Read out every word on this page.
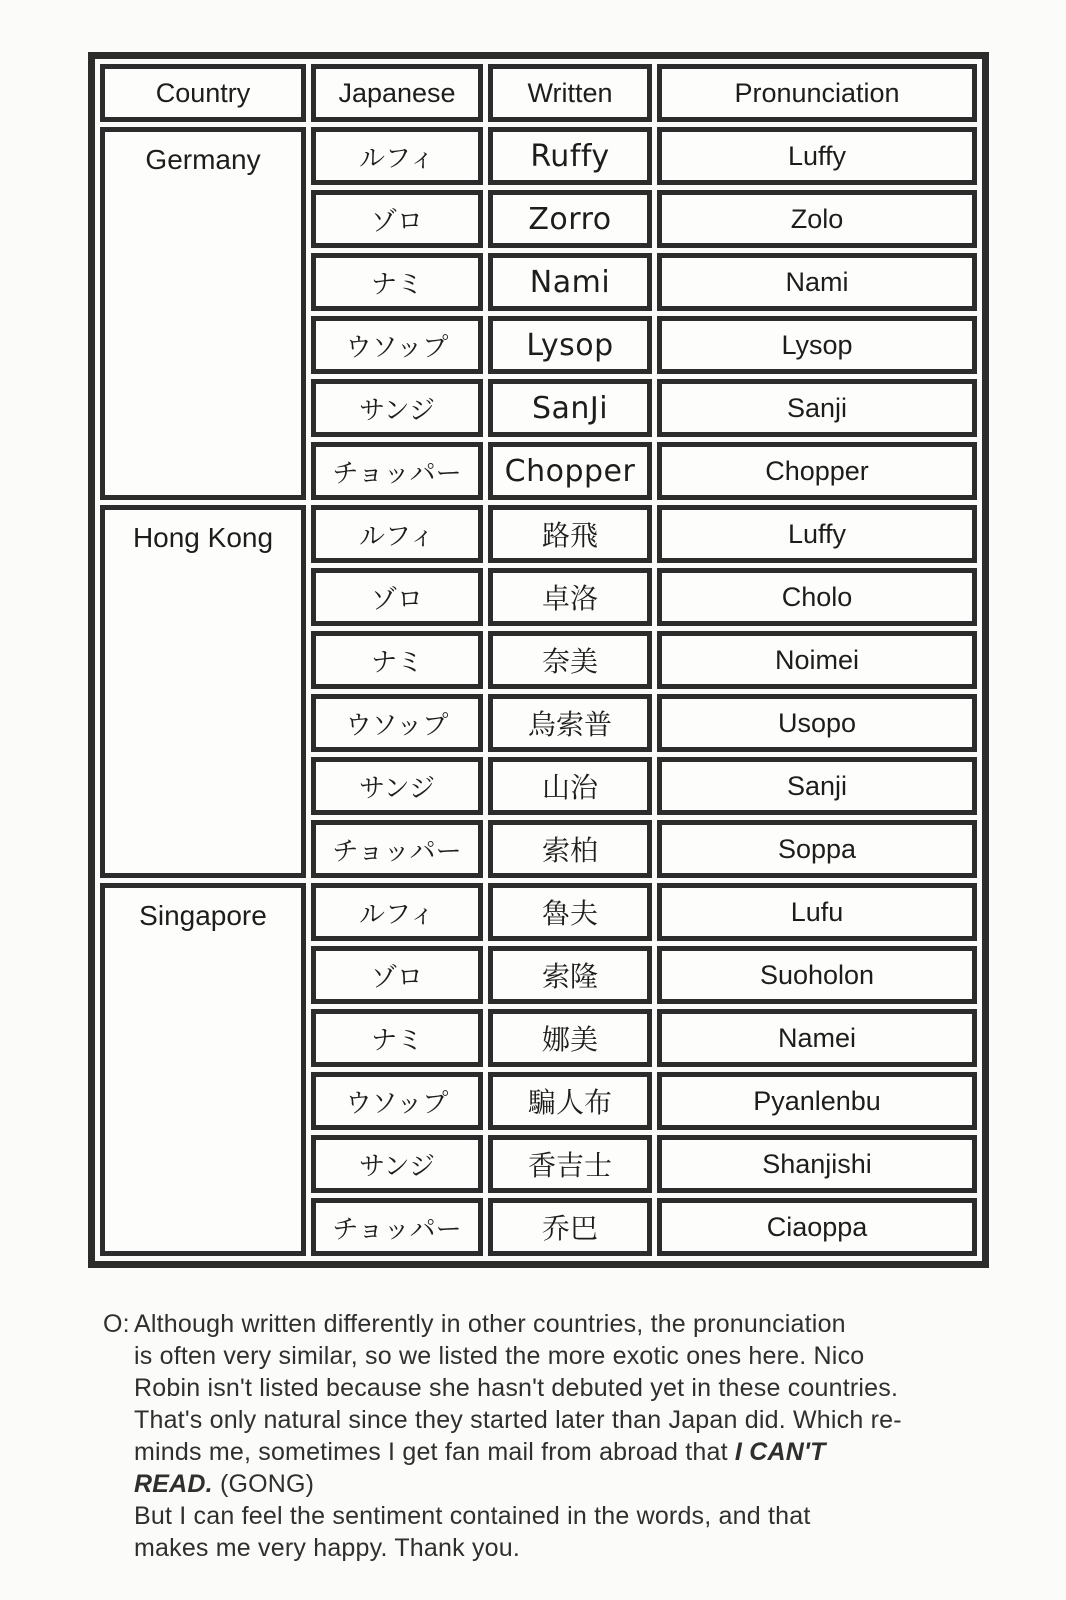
Country	Japanese	Written	Pronunciation
Germany	ルフィ	Ruffy	Luffy
	ゾロ	Zorro	Zolo
	ナミ	Nami	Nami
	ウソップ	Lysop	Lysop
	サンジ	SanJi	Sanji
	チョッパー	Chopper	Chopper
Hong Kong	ルフィ	路飛	Luffy
	ゾロ	卓洛	Cholo
	ナミ	奈美	Noimei
	ウソップ	烏索普	Usopo
	サンジ	山治	Sanji
	チョッパー	索柏	Soppa
Singapore	ルフィ	魯夫	Lufu
	ゾロ	索隆	Suoholon
	ナミ	娜美	Namei
	ウソップ	騙人布	Pyanlenbu
	サンジ	香吉士	Shanjishi
	チョッパー	乔巴	Ciaoppa
O: Although written differently in other countries, the pronunciation
is often very similar, so we listed the more exotic ones here. Nico
Robin isn't listed because she hasn't debuted yet in these countries.
That's only natural since they started later than Japan did. Which re-
minds me, sometimes I get fan mail from abroad that I CAN'T
READ. (GONG)
But I can feel the sentiment contained in the words, and that
makes me very happy. Thank you.
